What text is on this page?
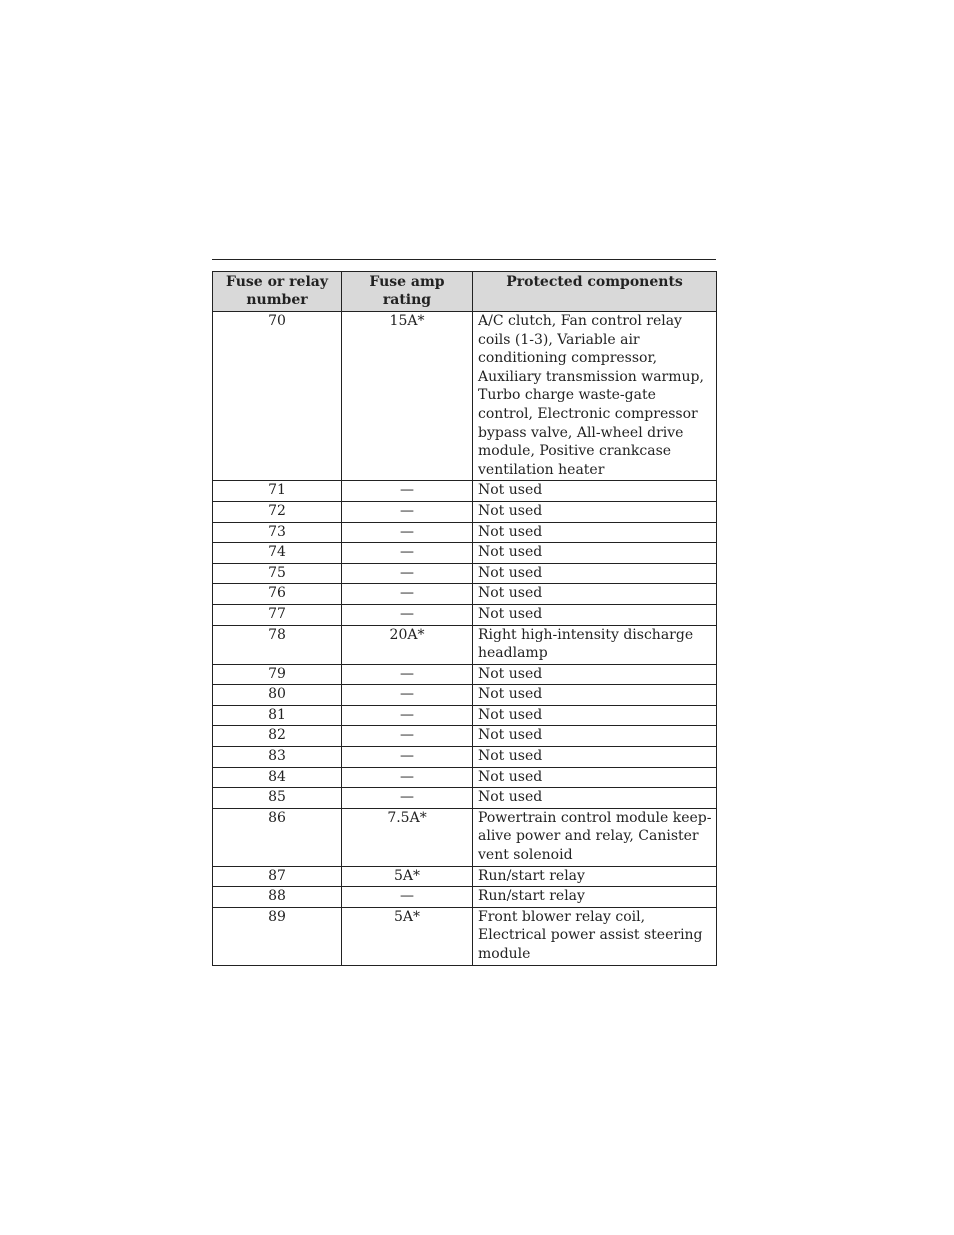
Fuse or relay number	Fuse amp rating	Protected components
70	15A*	A/C clutch, Fan control relay coils (1-3), Variable air conditioning compressor, Auxiliary transmission warmup, Turbo charge waste-gate control, Electronic compressor bypass valve, All-wheel drive module, Positive crankcase ventilation heater
71	—	Not used
72	—	Not used
73	—	Not used
74	—	Not used
75	—	Not used
76	—	Not used
77	—	Not used
78	20A*	Right high-intensity discharge headlamp
79	—	Not used
80	—	Not used
81	—	Not used
82	—	Not used
83	—	Not used
84	—	Not used
85	—	Not used
86	7.5A*	Powertrain control module keep-alive power and relay, Canister vent solenoid
87	5A*	Run/start relay
88	—	Run/start relay
89	5A*	Front blower relay coil, Electrical power assist steering module
